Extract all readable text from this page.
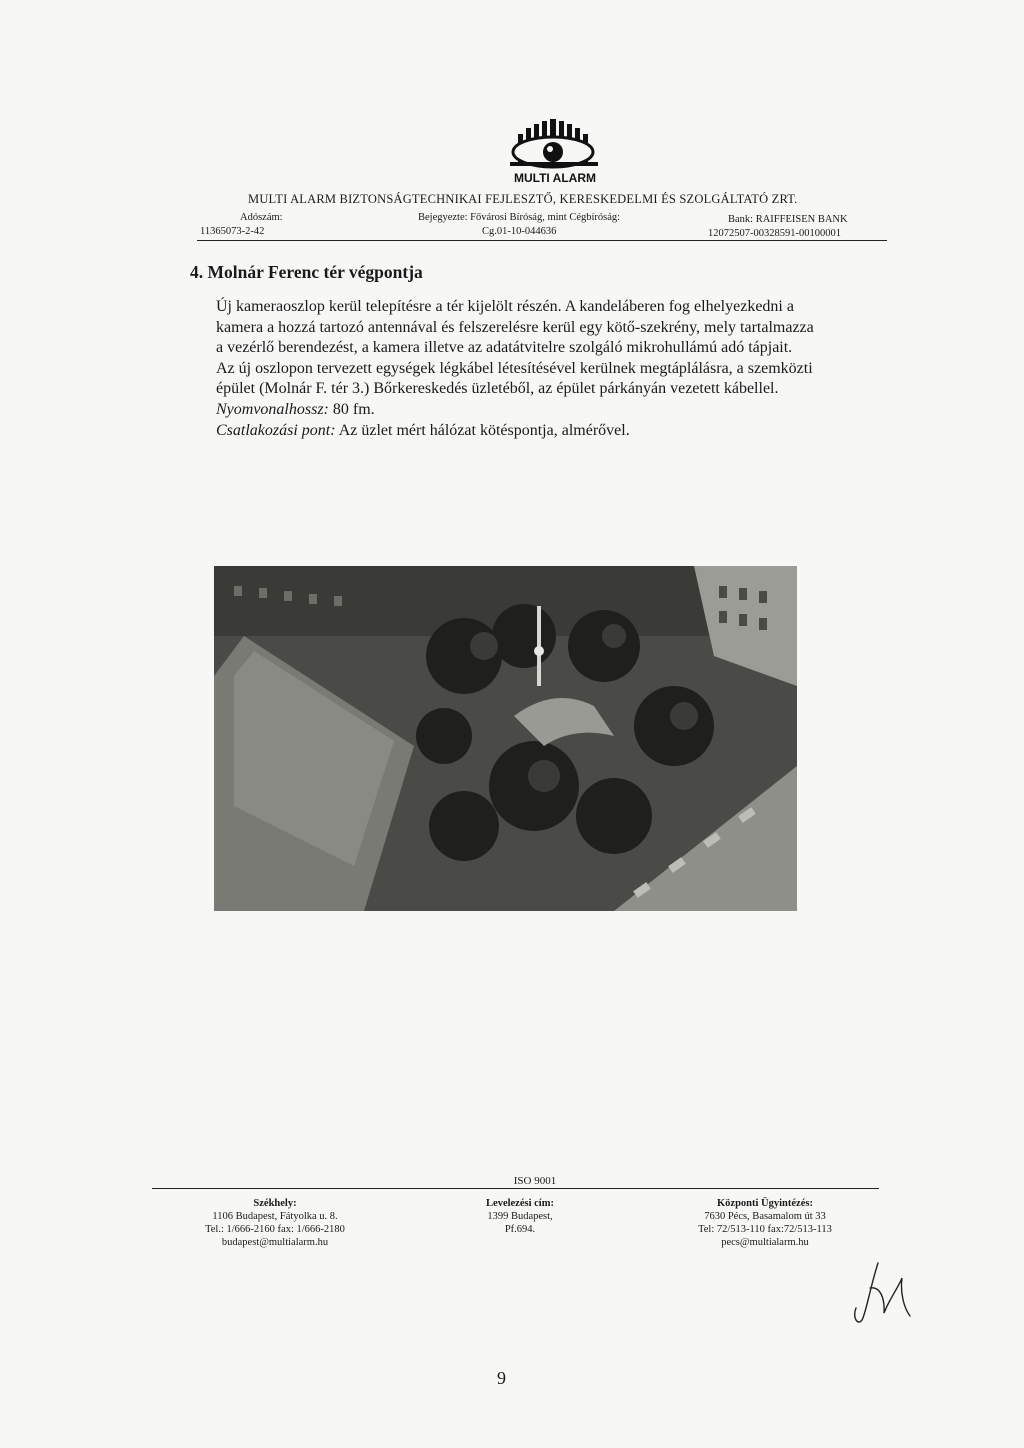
MULTI ALARM
MULTI ALARM BIZTONSÁGTECHNIKAI FEJLESZTŐ, KERESKEDELMI ÉS SZOLGÁLTATÓ ZRT.
Adószám:
11365073-2-42
Bejegyezte: Fővárosi Bíróság, mint Cégbíróság:
Cg.01-10-044636
Bank: RAIFFEISEN BANK
12072507-00328591-00100001
4. Molnár Ferenc tér végpontja

Új kameraoszlop kerül telepítésre a tér kijelölt részén. A kandeláberen fog elhelyezkedni a kamera a hozzá tartozó antennával és felszerelésre kerül egy kötő-szekrény, mely tartalmazza a vezérlő berendezést, a kamera illetve az adatátvitelre szolgáló mikrohullámú adó tápjait.

Az új oszlopon tervezett egységek légkábel létesítésével kerülnek megtáplálásra, a szemközti épület (Molnár F. tér 3.) Bőrkereskedés üzletéből, az épület párkányán vezetett kábellel.

Nyomvonalhossz: 80 fm.

Csatlakozási pont: Az üzlet mért hálózat kötéspontja, almérővel.

ISO 9001
Székhely:
1106 Budapest, Fátyolka u. 8.
Tel.: 1/666-2160 fax: 1/666-2180
budapest@multialarm.hu
Levelezési cím:
1399 Budapest,
Pf.694.
Központi Ügyintézés:
7630 Pécs, Basamalom út 33
Tel: 72/513-110 fax:72/513-113
pecs@multialarm.hu
9
